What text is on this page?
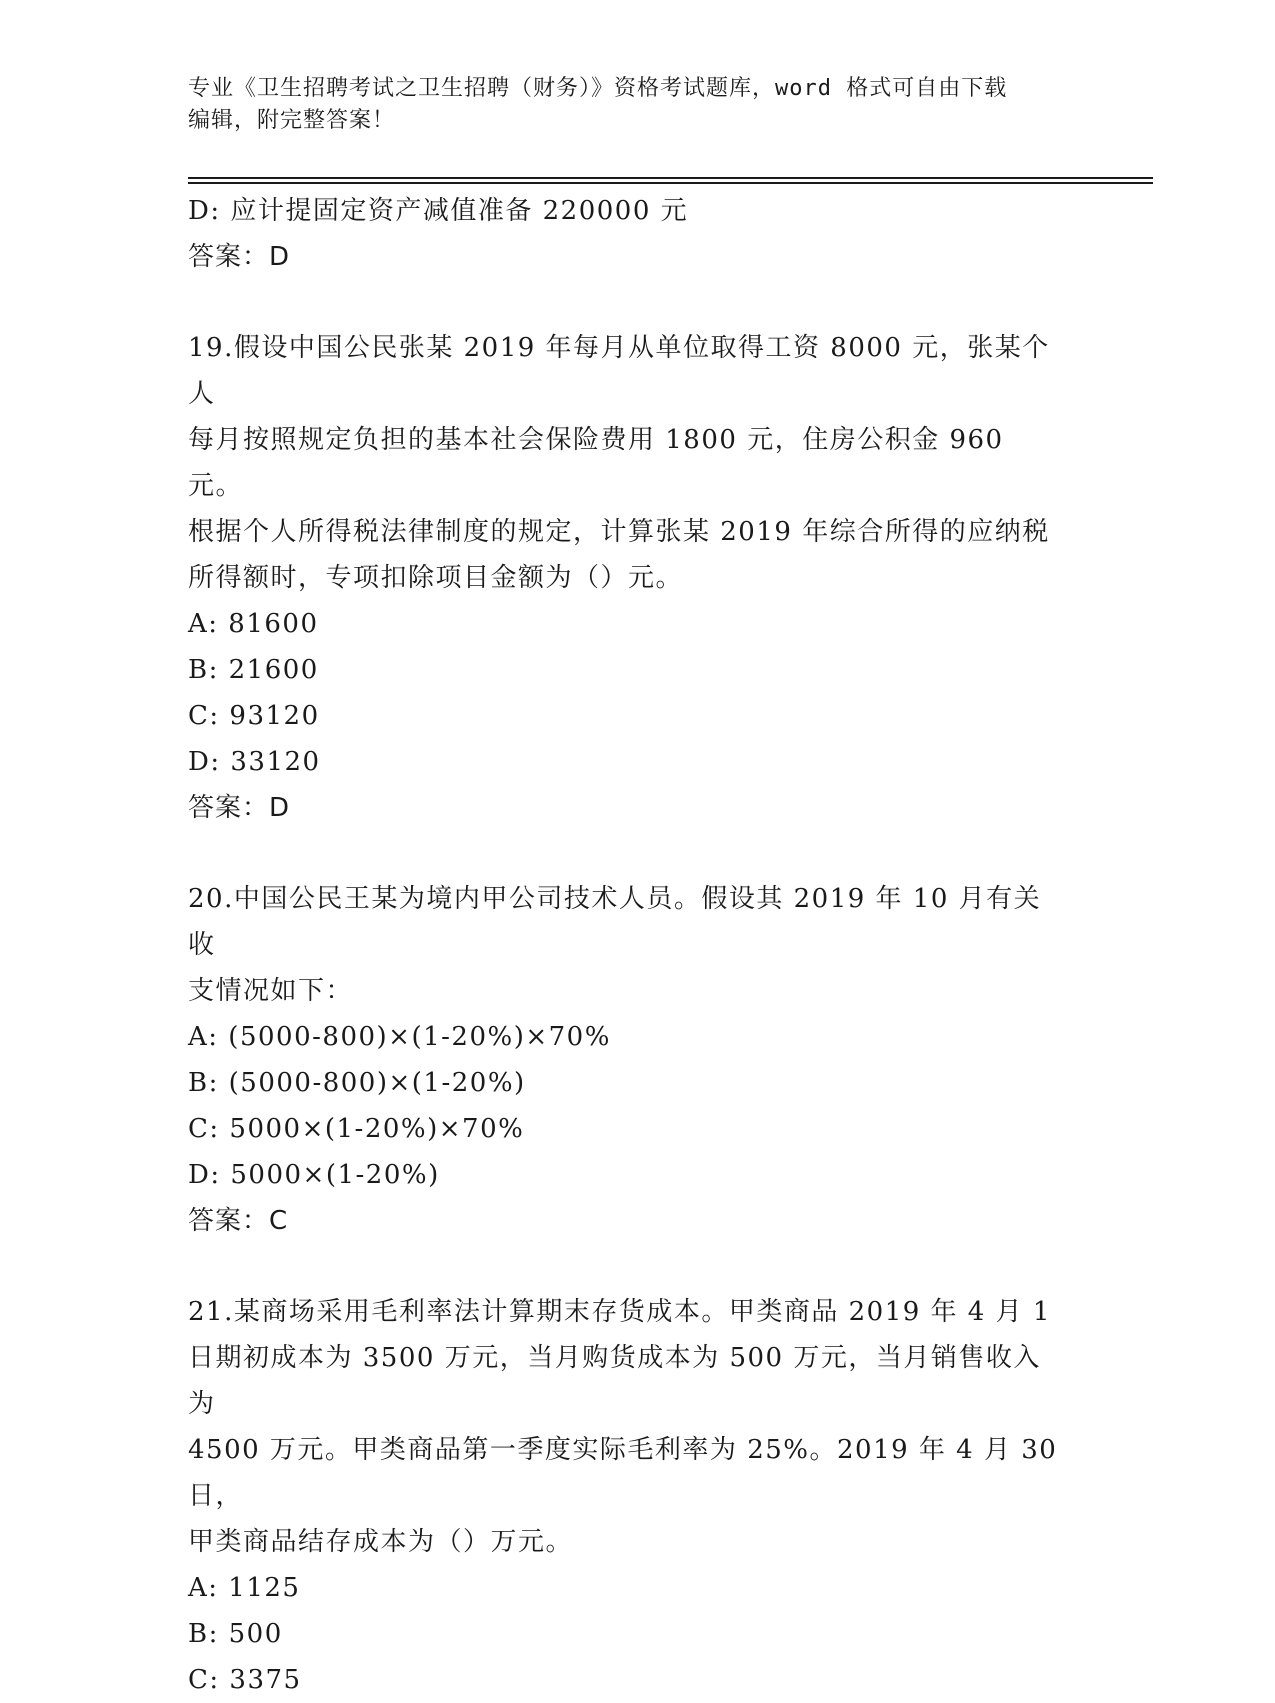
专业《卫生招聘考试之卫生招聘（财务）》资格考试题库，word 格式可自由下载
编辑，附完整答案！
D: 应计提固定资产减值准备 220000 元
答案：D
19.假设中国公民张某 2019 年每月从单位取得工资 8000 元，张某个人
每月按照规定负担的基本社会保险费用 1800 元，住房公积金 960 元。
根据个人所得税法律制度的规定，计算张某 2019 年综合所得的应纳税
所得额时，专项扣除项目金额为（）元。
A: 81600
B: 21600
C: 93120
D: 33120
答案：D
20.中国公民王某为境内甲公司技术人员。假设其 2019 年 10 月有关收
支情况如下：
A: (5000-800)×(1-20%)×70%
B: (5000-800)×(1-20%)
C: 5000×(1-20%)×70%
D: 5000×(1-20%)
答案：C
21.某商场采用毛利率法计算期末存货成本。甲类商品 2019 年 4 月 1
日期初成本为 3500 万元，当月购货成本为 500 万元，当月销售收入为
4500 万元。甲类商品第一季度实际毛利率为 25%。2019 年 4 月 30 日，
甲类商品结存成本为（）万元。
A: 1125
B: 500
C: 3375
